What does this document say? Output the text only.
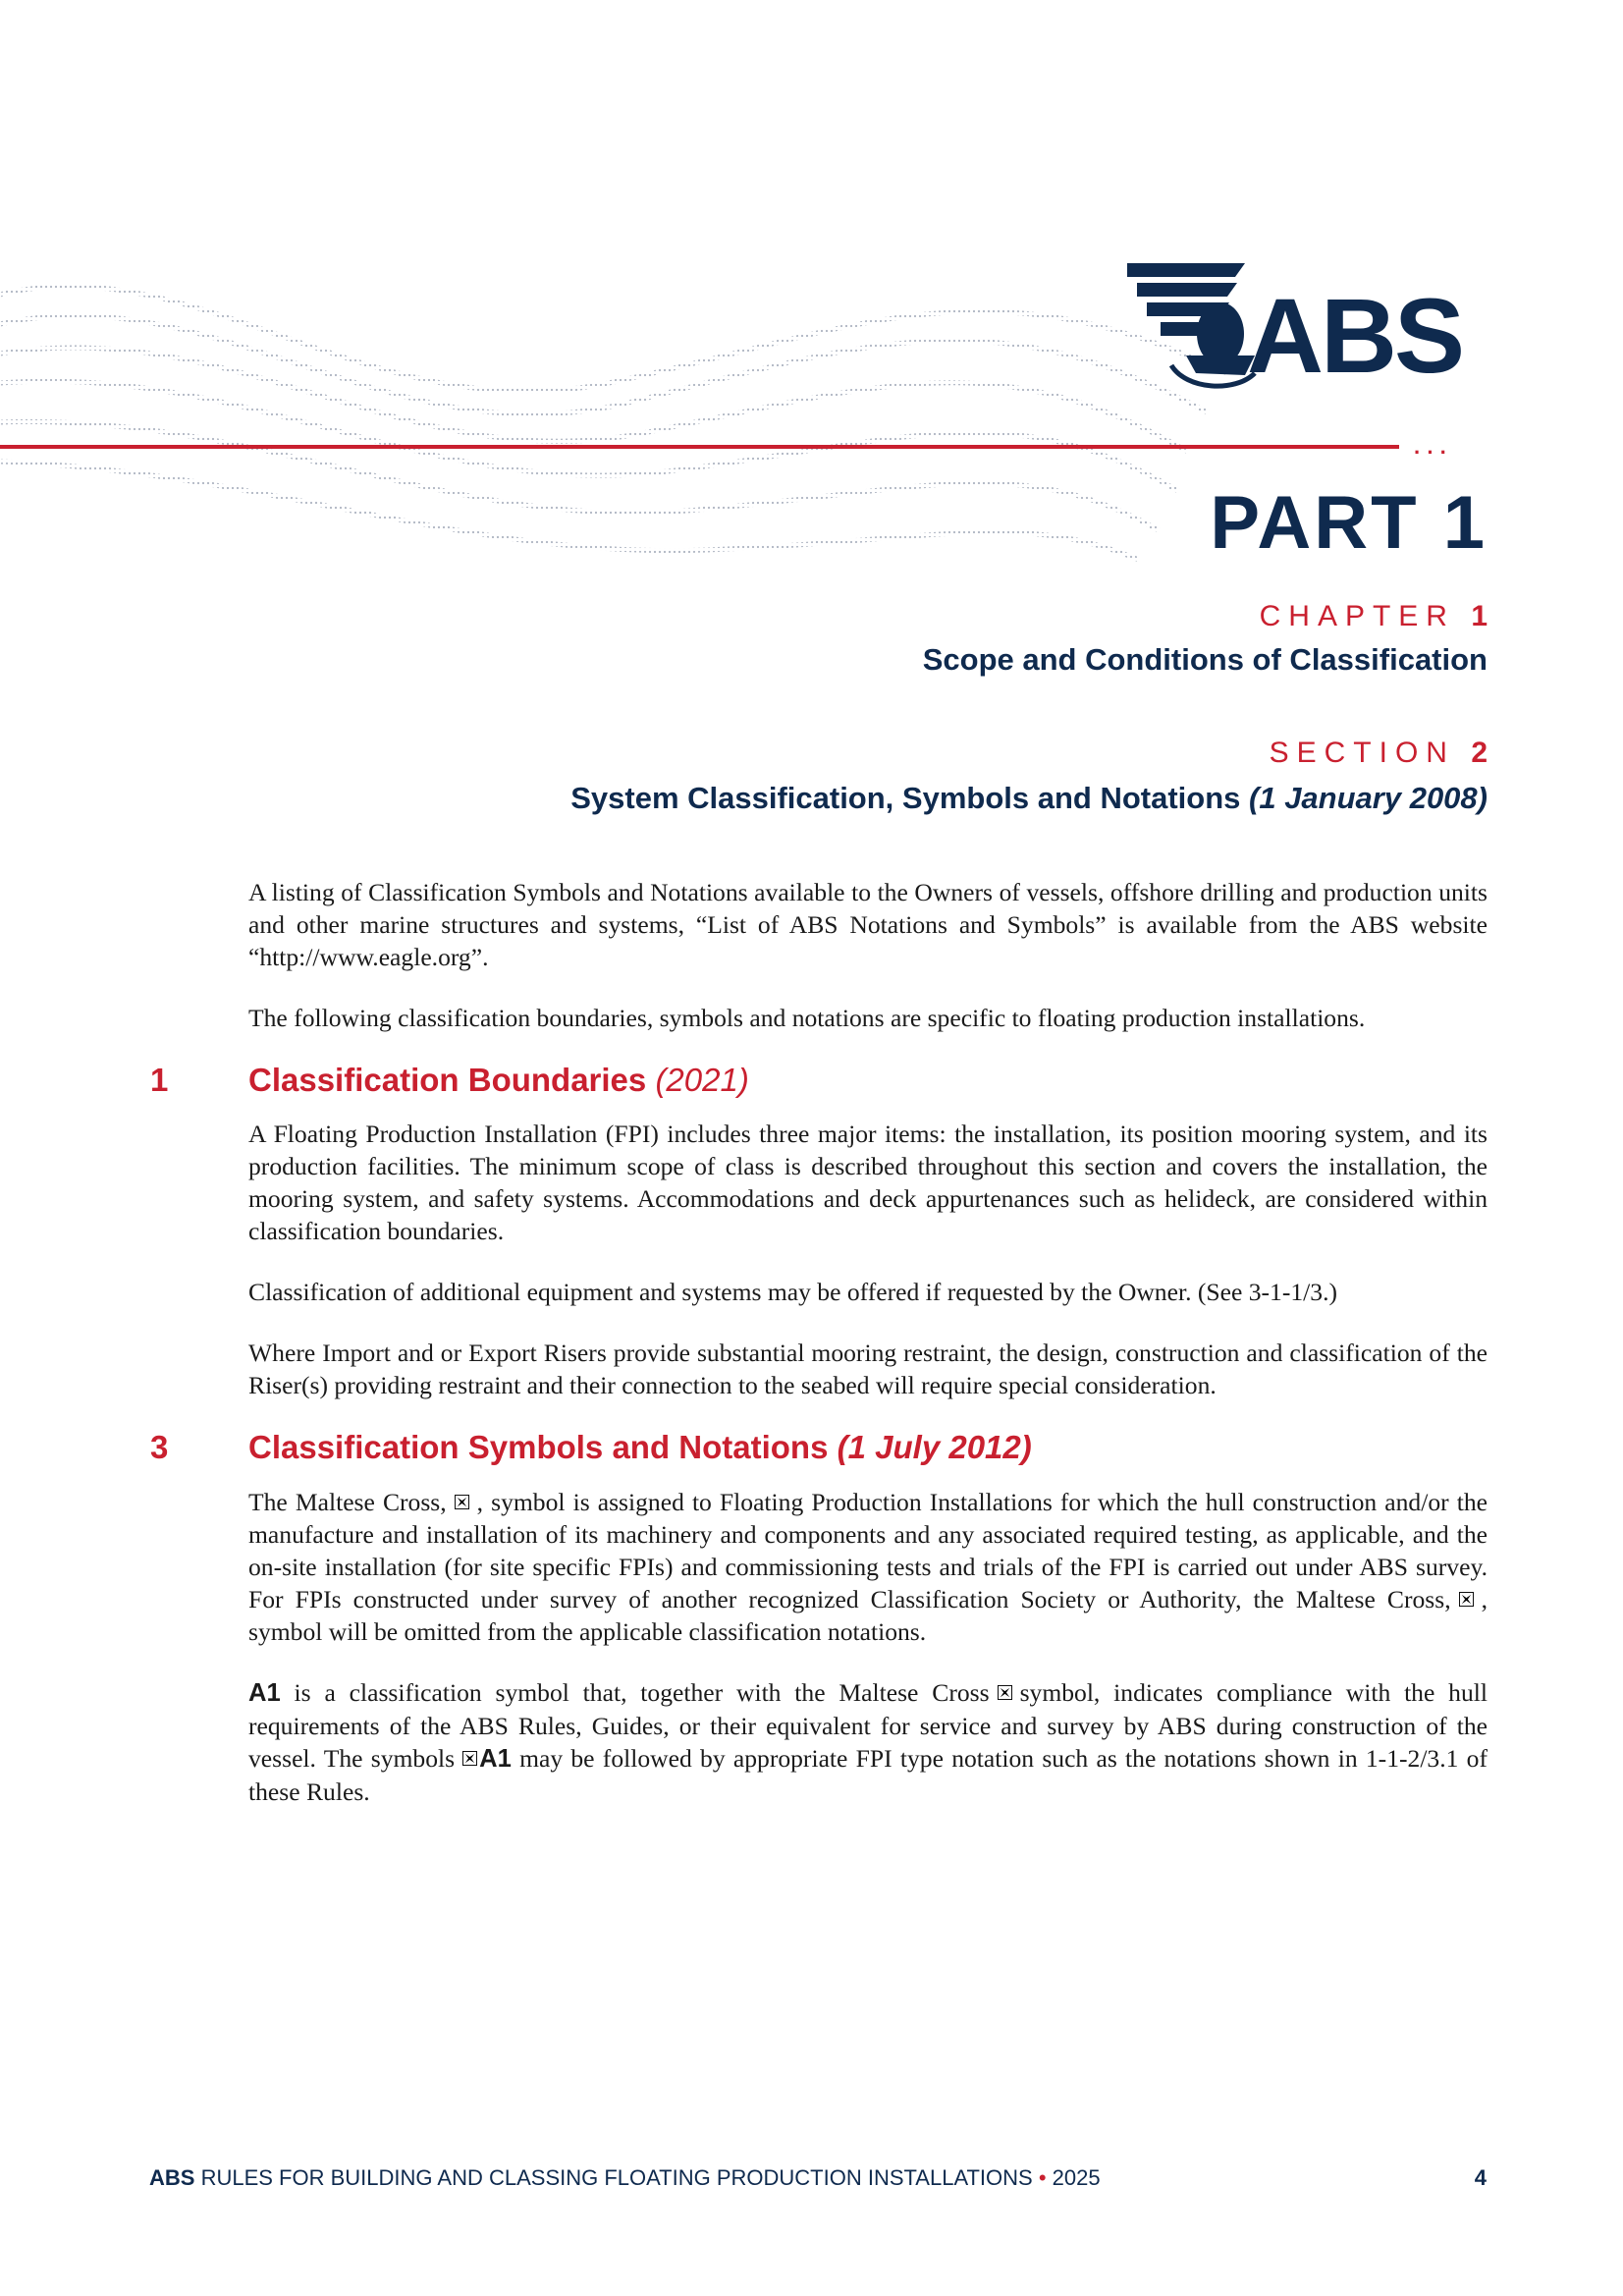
ABS
···
PART 1
CHAPTER 1
Scope and Conditions of Classification
SECTION 2
System Classification, Symbols and Notations (1 January 2008)

A listing of Classification Symbols and Notations available to the Owners of vessels, offshore drilling and production units and other marine structures and systems, “List of ABS Notations and Symbols” is available from the ABS website “http://www.eagle.org”.

The following classification boundaries, symbols and notations are specific to floating production installations.

1 Classification Boundaries (2021)

A Floating Production Installation (FPI) includes three major items: the installation, its position mooring system, and its production facilities. The minimum scope of class is described throughout this section and covers the installation, the mooring system, and safety systems. Accommodations and deck appurtenances such as helideck, are considered within classification boundaries.

Classification of additional equipment and systems may be offered if requested by the Owner. (See 3-1-1/3.)

Where Import and or Export Risers provide substantial mooring restraint, the design, construction and classification of the Riser(s) providing restraint and their connection to the seabed will require special consideration.

3 Classification Symbols and Notations (1 July 2012)

The Maltese Cross, , symbol is assigned to Floating Production Installations for which the hull construction and/or the manufacture and installation of its machinery and components and any associated required testing, as applicable, and the on-site installation (for site specific FPIs) and commissioning tests and trials of the FPI is carried out under ABS survey. For FPIs constructed under survey of another recognized Classification Society or Authority, the Maltese Cross, , symbol will be omitted from the applicable classification notations.

A1 is a classification symbol that, together with the Maltese Cross symbol, indicates compliance with the hull requirements of the ABS Rules, Guides, or their equivalent for service and survey by ABS during construction of the vessel. The symbols A1 may be followed by appropriate FPI type notation such as the notations shown in 1-1-2/3.1 of these Rules.

ABS RULES FOR BUILDING AND CLASSING FLOATING PRODUCTION INSTALLATIONS • 2025	4
